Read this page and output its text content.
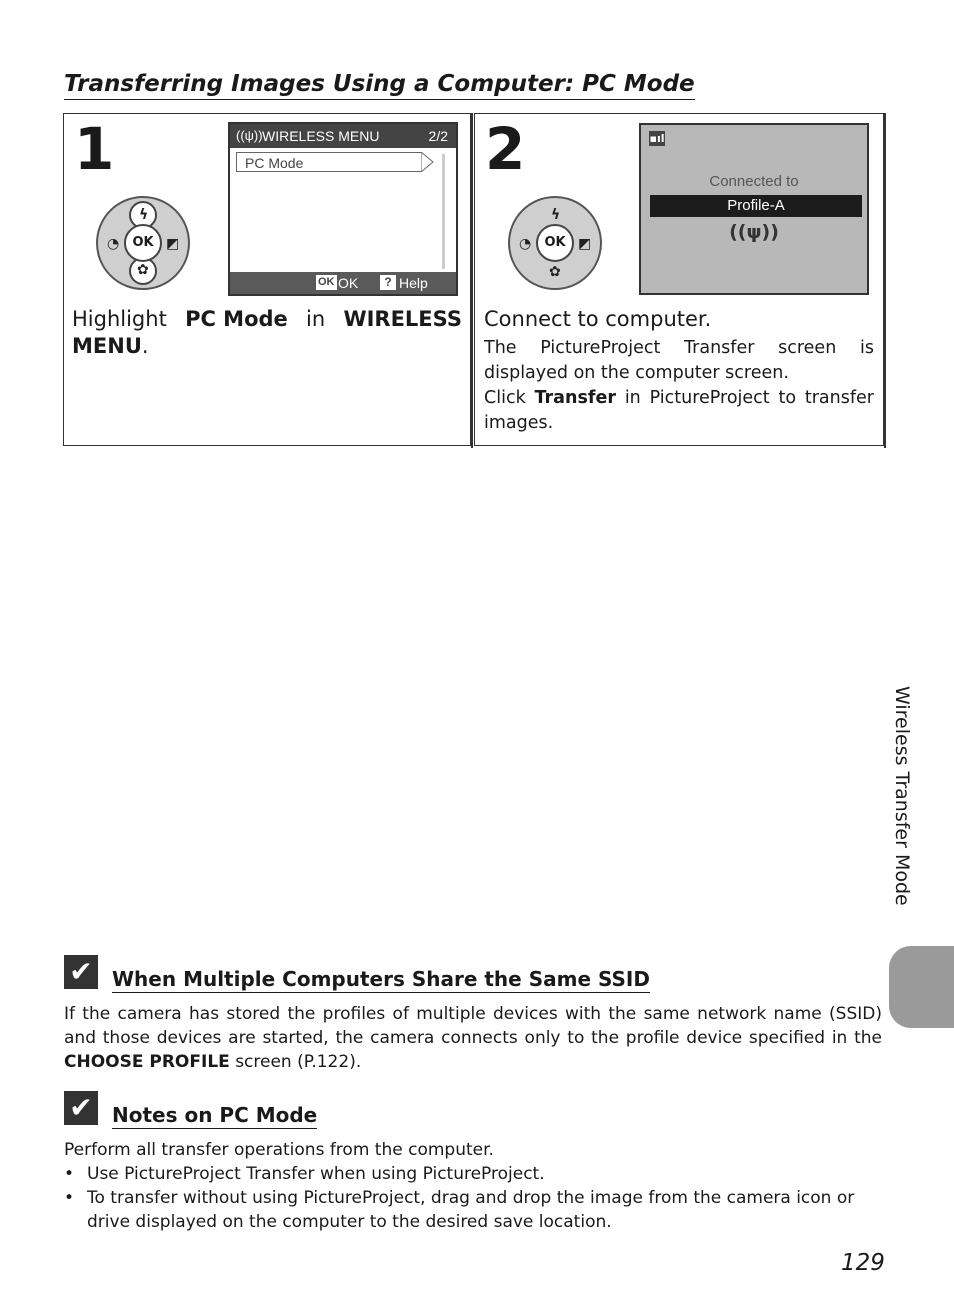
Transferring Images Using a Computer: PC Mode
1
ϟ
✿
◔	◩
OK
((ψ)) WIRELESS MENU	2/2
PC Mode
OK OK	? Help
Highlight PC Mode in WIRELESS
MENU.
2
ϟ
✿
◔	◩
OK
▪ıl
Connected to
Profile-A
((ψ))
Connect to computer.
The PictureProject Transfer screen is displayed on the computer screen.
Click Transfer in PictureProject to transfer images.
✔ When Multiple Computers Share the Same SSID
If the camera has stored the profiles of multiple devices with the same network name (SSID) and those devices are started, the camera connects only to the profile device specified in the CHOOSE PROFILE screen (P.122).
✔ Notes on PC Mode
Perform all transfer operations from the computer.
• Use PictureProject Transfer when using PictureProject.
• To transfer without using PictureProject, drag and drop the image from the camera icon or drive displayed on the computer to the desired save location.
Wireless Transfer Mode
129
